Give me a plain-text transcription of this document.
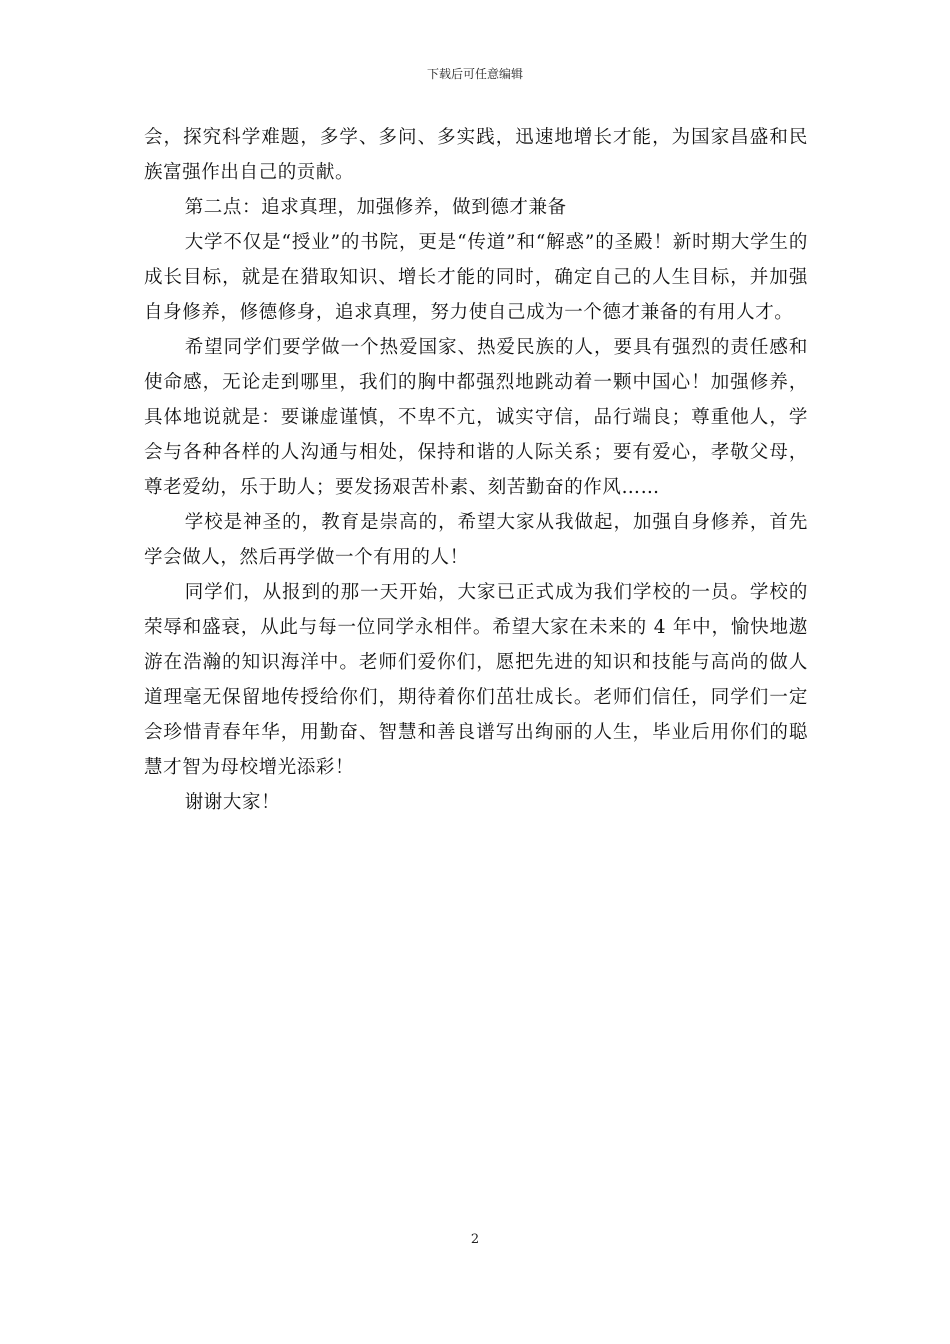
下载后可任意编辑

会，探究科学难题，多学、多问、多实践，迅速地增长才能，为国家昌盛和民族富强作出自己的贡献。

第二点：追求真理，加强修养，做到德才兼备

大学不仅是“授业”的书院，更是“传道”和“解惑”的圣殿！新时期大学生的成长目标，就是在猎取知识、增长才能的同时，确定自己的人生目标，并加强自身修养，修德修身，追求真理，努力使自己成为一个德才兼备的有用人才。

希望同学们要学做一个热爱国家、热爱民族的人，要具有强烈的责任感和使命感，无论走到哪里，我们的胸中都强烈地跳动着一颗中国心！加强修养，具体地说就是：要谦虚谨慎，不卑不亢，诚实守信，品行端良；尊重他人，学会与各种各样的人沟通与相处，保持和谐的人际关系；要有爱心，孝敬父母，尊老爱幼，乐于助人；要发扬艰苦朴素、刻苦勤奋的作风……

学校是神圣的，教育是崇高的，希望大家从我做起，加强自身修养，首先学会做人，然后再学做一个有用的人！

同学们，从报到的那一天开始，大家已正式成为我们学校的一员。学校的荣辱和盛衰，从此与每一位同学永相伴。希望大家在未来的 4 年中，愉快地遨游在浩瀚的知识海洋中。老师们爱你们，愿把先进的知识和技能与高尚的做人道理毫无保留地传授给你们，期待着你们茁壮成长。老师们信任，同学们一定会珍惜青春年华，用勤奋、智慧和善良谱写出绚丽的人生，毕业后用你们的聪慧才智为母校增光添彩！

谢谢大家！

2
